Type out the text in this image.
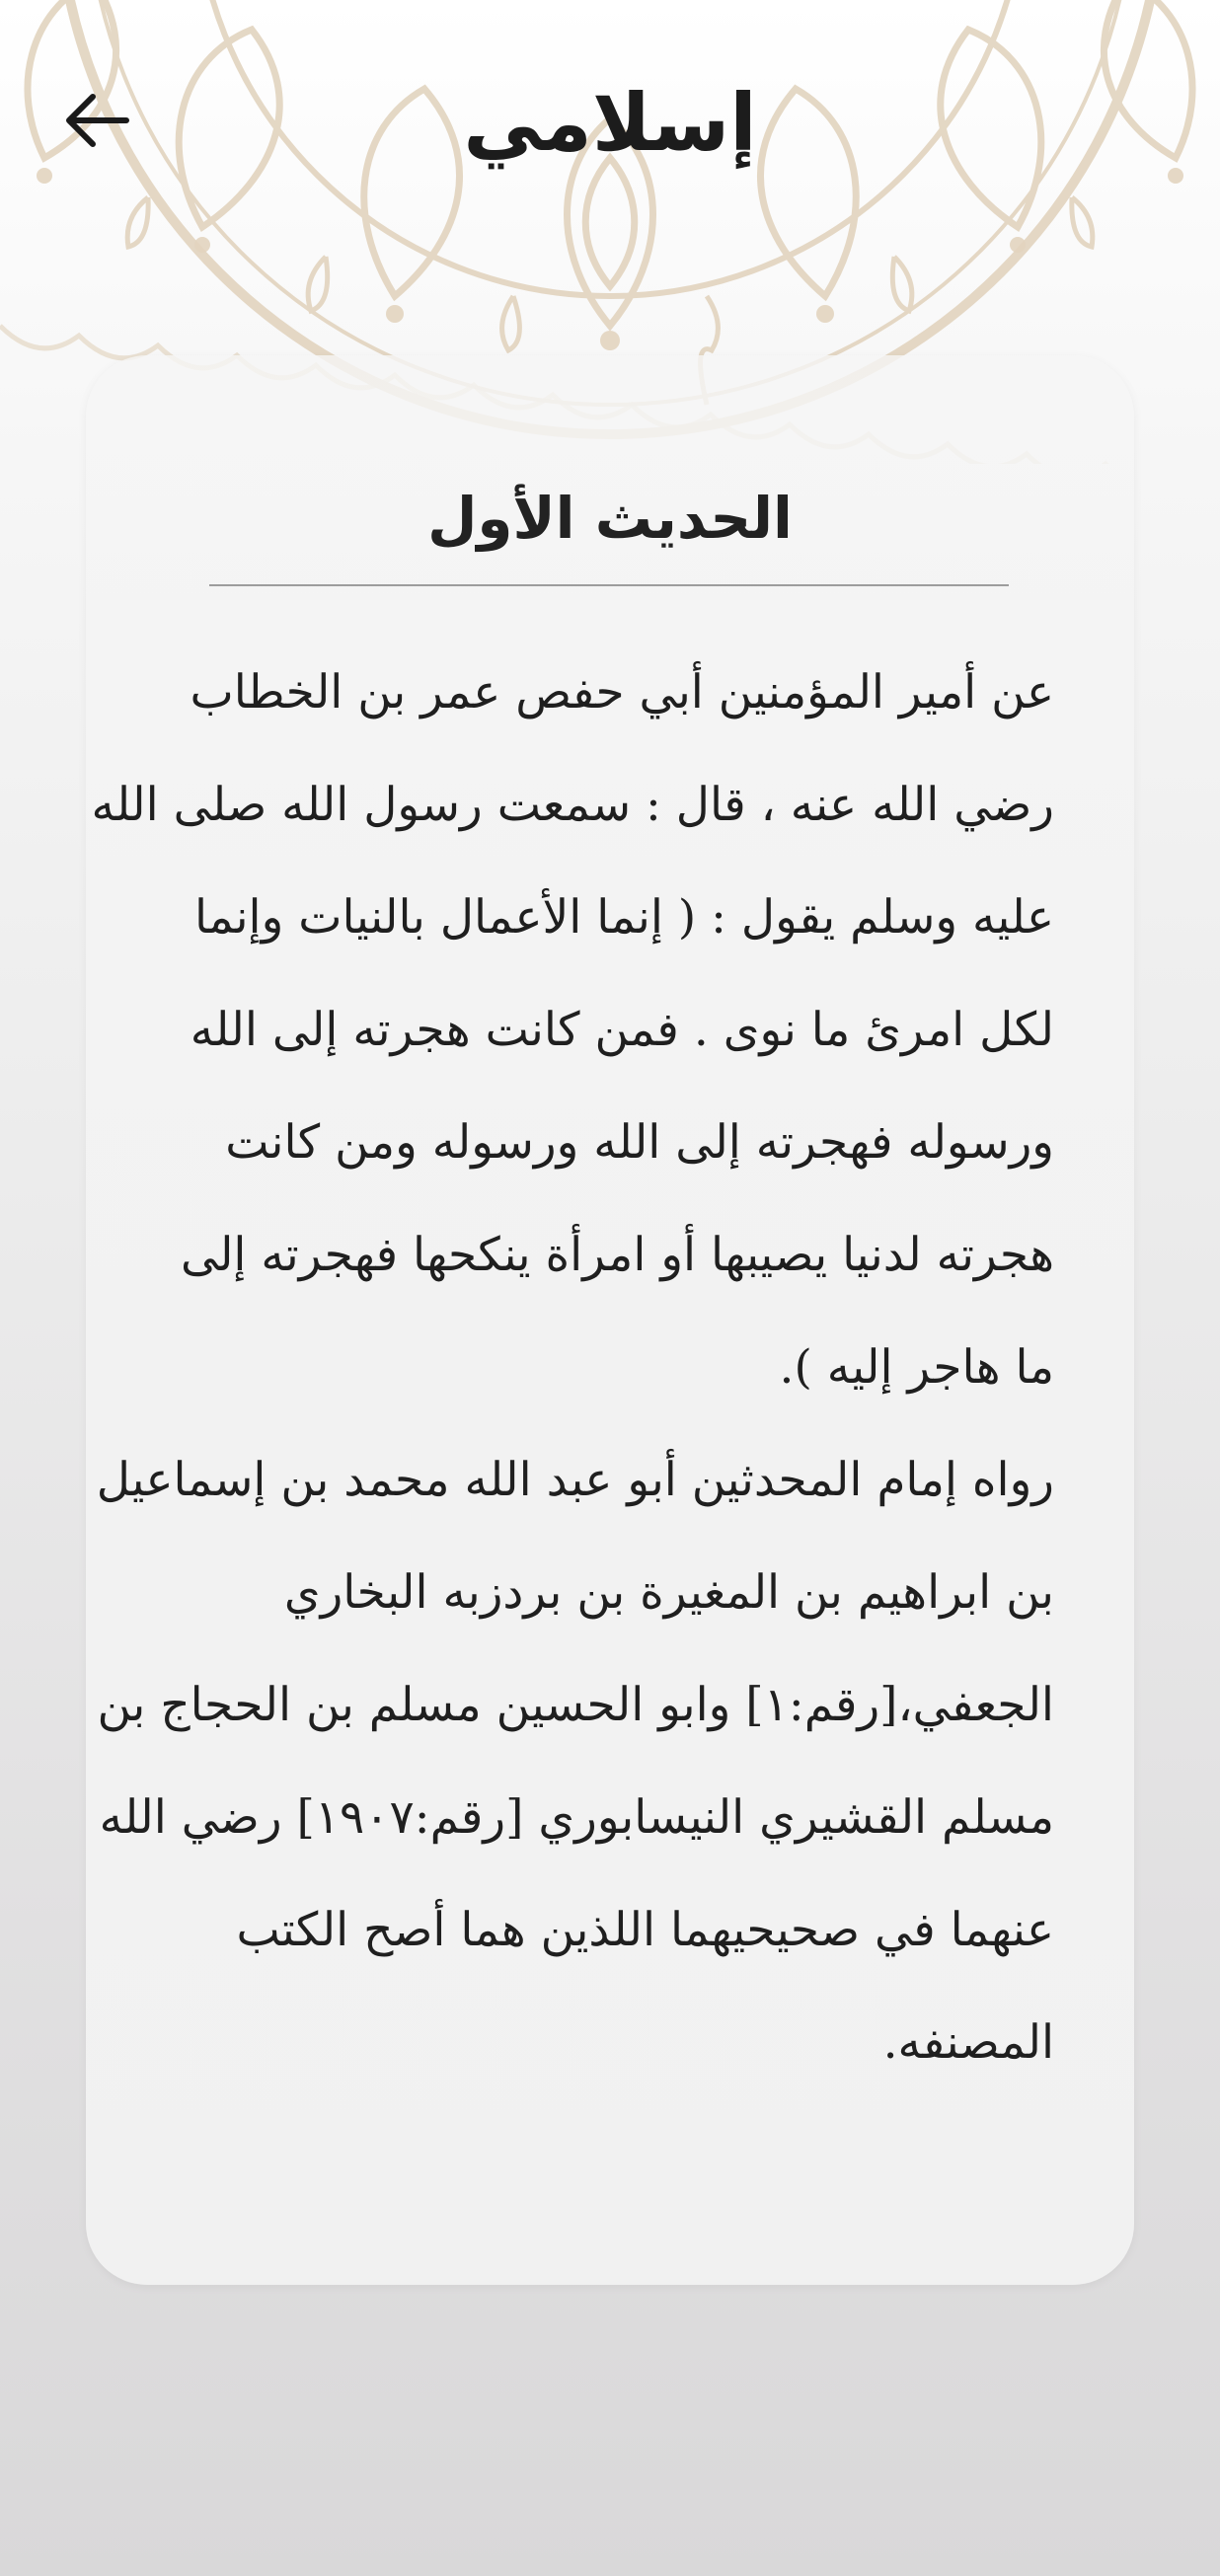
إسلامي
الحديث الأول
عن أمير المؤمنين أبي حفص عمر بن الخطاب
رضي الله عنه ، قال : سمعت رسول الله صلى الله
عليه وسلم يقول : ( إنما الأعمال بالنيات وإنما
لكل امرئ ما نوى . فمن كانت هجرته إلى الله
ورسوله فهجرته إلى الله ورسوله ومن كانت
هجرته لدنيا يصيبها أو امرأة ينكحها فهجرته إلى
ما هاجر إليه ).
رواه إمام المحدثين أبو عبد الله محمد بن إسماعيل
بن ابراهيم بن المغيرة بن بردزبه البخاري
الجعفي،[رقم:١] وابو الحسين مسلم بن الحجاج بن
مسلم القشيري النيسابوري [رقم:١٩٠٧] رضي الله
عنهما في صحيحيهما اللذين هما أصح الكتب
المصنفه.
